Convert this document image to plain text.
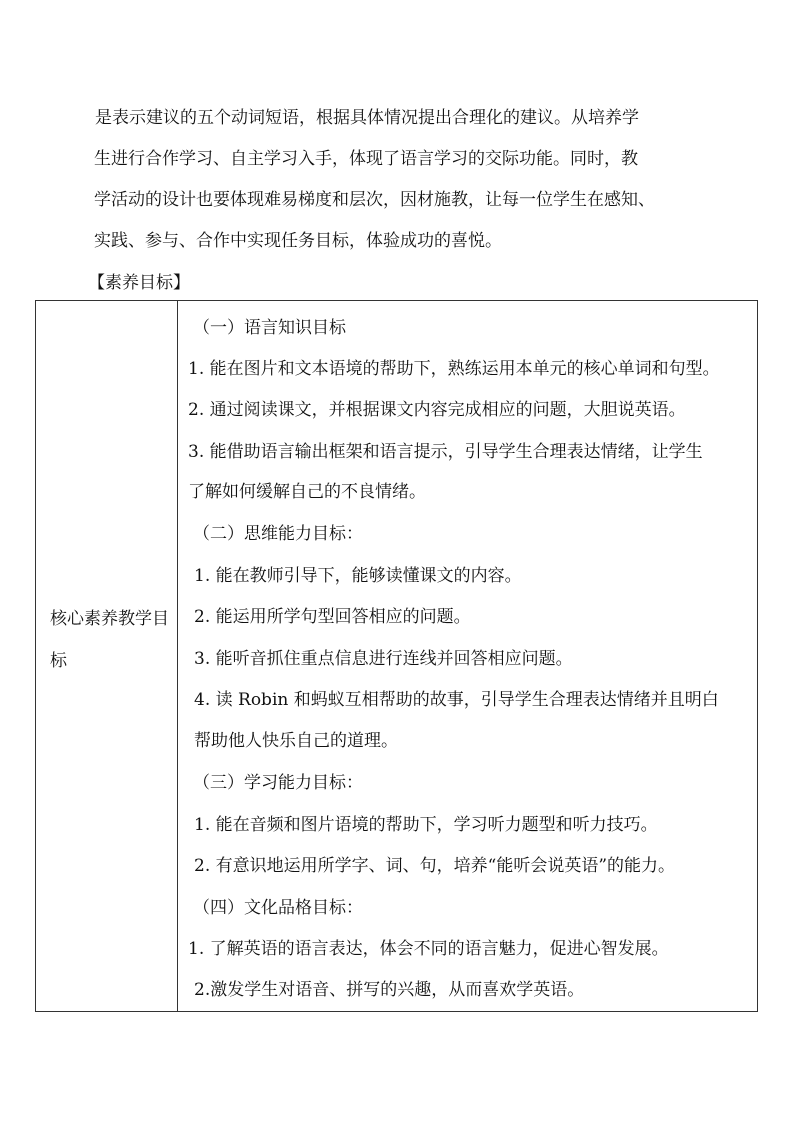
是表示建议的五个动词短语，根据具体情况提出合理化的建议。从培养学
生进行合作学习、自主学习入手，体现了语言学习的交际功能。同时，教
学活动的设计也要体现难易梯度和层次，因材施教，让每一位学生在感知、
实践、参与、合作中实现任务目标，体验成功的喜悦。
【素养目标】
核心素养教学目标

（一）语言知识目标
1. 能在图片和文本语境的帮助下，熟练运用本单元的核心单词和句型。
2. 通过阅读课文，并根据课文内容完成相应的问题，大胆说英语。
3. 能借助语言输出框架和语言提示，引导学生合理表达情绪，让学生
了解如何缓解自己的不良情绪。
（二）思维能力目标：
1. 能在教师引导下，能够读懂课文的内容。
2. 能运用所学句型回答相应的问题。
3. 能听音抓住重点信息进行连线并回答相应问题。
4. 读 Robin 和蚂蚁互相帮助的故事，引导学生合理表达情绪并且明白
帮助他人快乐自己的道理。
（三）学习能力目标：
1. 能在音频和图片语境的帮助下，学习听力题型和听力技巧。
2. 有意识地运用所学字、词、句，培养“能听会说英语”的能力。
（四）文化品格目标：
1. 了解英语的语言表达，体会不同的语言魅力，促进心智发展。
2.激发学生对语音、拼写的兴趣，从而喜欢学英语。
